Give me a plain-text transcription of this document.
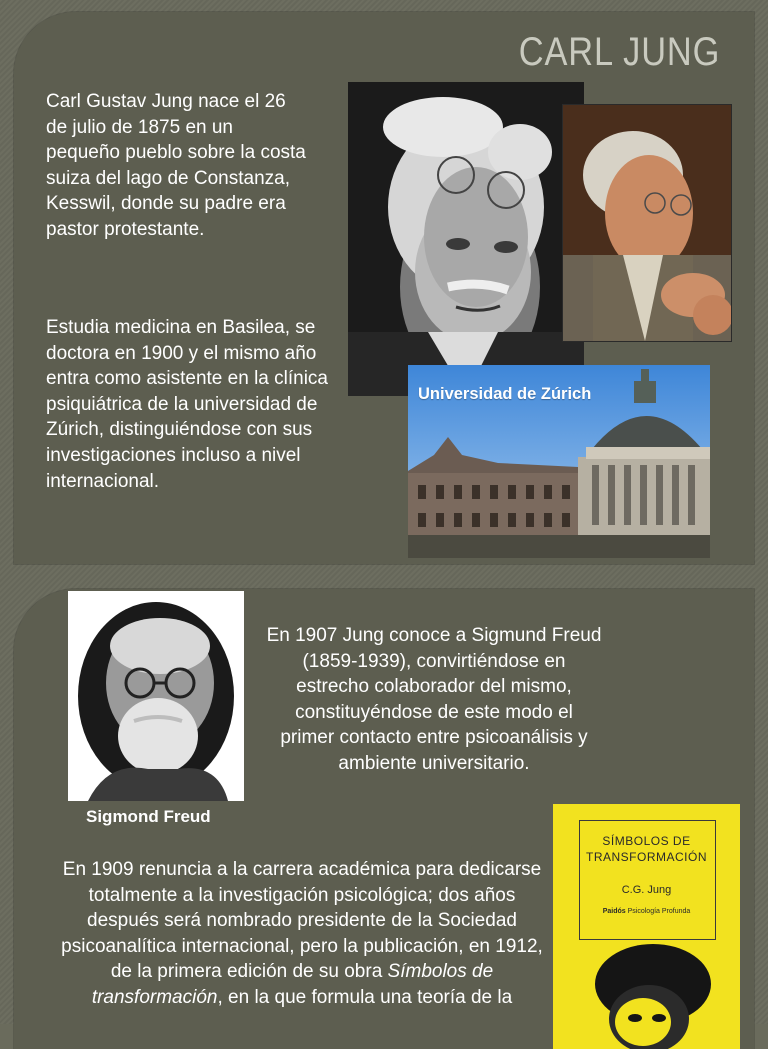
CARL JUNG

Carl Gustav Jung nace el 26 de julio de 1875 en un pequeño pueblo sobre la costa suiza del lago de Constanza, Kesswil, donde su padre era pastor protestante.

Estudia medicina en Basilea, se doctora en 1900 y el mismo año entra como asistente en la clínica psiquiátrica de la universidad de Zúrich, distinguiéndose con sus investigaciones incluso a nivel internacional.

Universidad de Zúrich

Sigmond Freud

En 1907 Jung conoce a Sigmund Freud (1859-1939), convirtiéndose en estrecho colaborador del mismo, constituyéndose de este modo el primer contacto entre psicoanálisis y ambiente universitario.

En 1909 renuncia a la carrera académica para dedicarse totalmente a la investigación psicológica; dos años después será nombrado presidente de la Sociedad psicoanalítica internacional, pero la publicación, en 1912, de la primera edición de su obra Símbolos de transformación, en la que formula una teoría de la

SÍMBOLOS DE
TRANSFORMACIÓN
C.G. Jung
Paidós Psicología Profunda
